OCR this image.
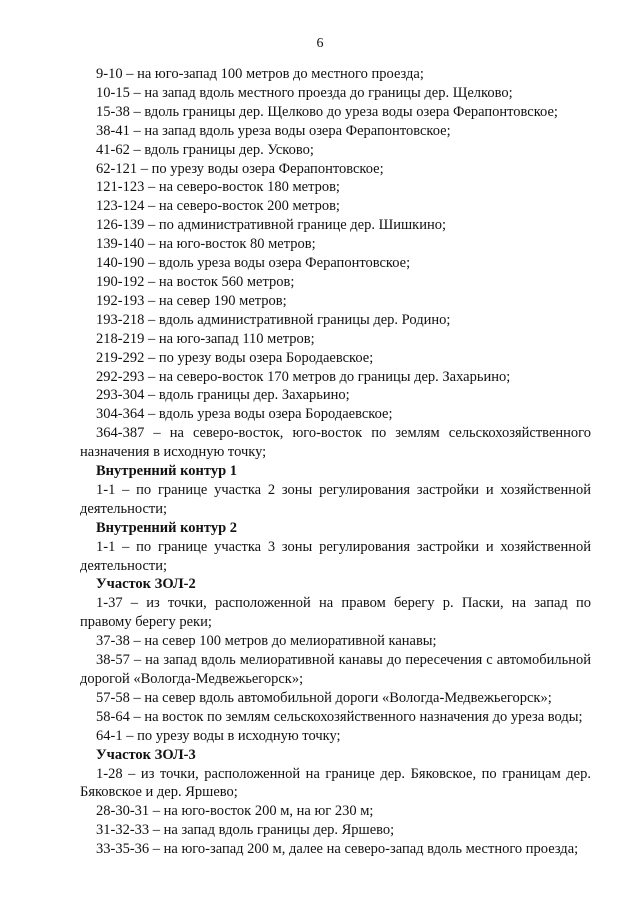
6

9-10 – на юго-запад 100 метров до местного проезда;

10-15 – на запад вдоль местного проезда до границы дер. Щелково;

15-38 – вдоль границы дер. Щелково до уреза воды озера Ферапонтовское;

38-41 – на запад вдоль уреза воды озера Ферапонтовское;

41-62 – вдоль границы дер. Усково;

62-121 – по урезу воды озера Ферапонтовское;

121-123 – на северо-восток 180 метров;

123-124 – на северо-восток 200 метров;

126-139 – по административной границе дер. Шишкино;

139-140 – на юго-восток 80 метров;

140-190 – вдоль уреза воды озера Ферапонтовское;

190-192 – на восток 560 метров;

192-193 – на север 190 метров;

193-218 – вдоль административной границы дер. Родино;

218-219 – на юго-запад 110 метров;

219-292 – по урезу воды озера Бородаевское;

292-293 – на северо-восток 170 метров до границы дер. Захарьино;

293-304 – вдоль границы дер. Захарьино;

304-364 – вдоль уреза воды озера Бородаевское;

364-387 – на северо-восток, юго-восток по землям сельскохозяйственного назначения в исходную точку;

Внутренний контур 1

1-1 – по границе участка 2 зоны регулирования застройки и хозяйственной деятельности;

Внутренний контур 2

1-1 – по границе участка 3 зоны регулирования застройки и хозяйственной деятельности;

Участок ЗОЛ-2

1-37 – из точки, расположенной на правом берегу р. Паски, на запад по правому берегу реки;

37-38 – на север 100 метров до мелиоративной канавы;

38-57 – на запад вдоль мелиоративной канавы до пересечения с автомобильной дорогой «Вологда-Медвежьегорск»;

57-58 – на север вдоль автомобильной дороги «Вологда-Медвежьегорск»;

58-64 – на восток по землям сельскохозяйственного назначения до уреза воды;

64-1 – по урезу воды в исходную точку;

Участок ЗОЛ-3

1-28 – из точки, расположенной на границе дер. Бяковское, по границам дер. Бяковское и дер. Яршево;

28-30-31 – на юго-восток 200 м, на юг 230 м;

31-32-33 – на запад вдоль границы дер. Яршево;

33-35-36 – на юго-запад 200 м, далее на северо-запад вдоль местного проезда;
